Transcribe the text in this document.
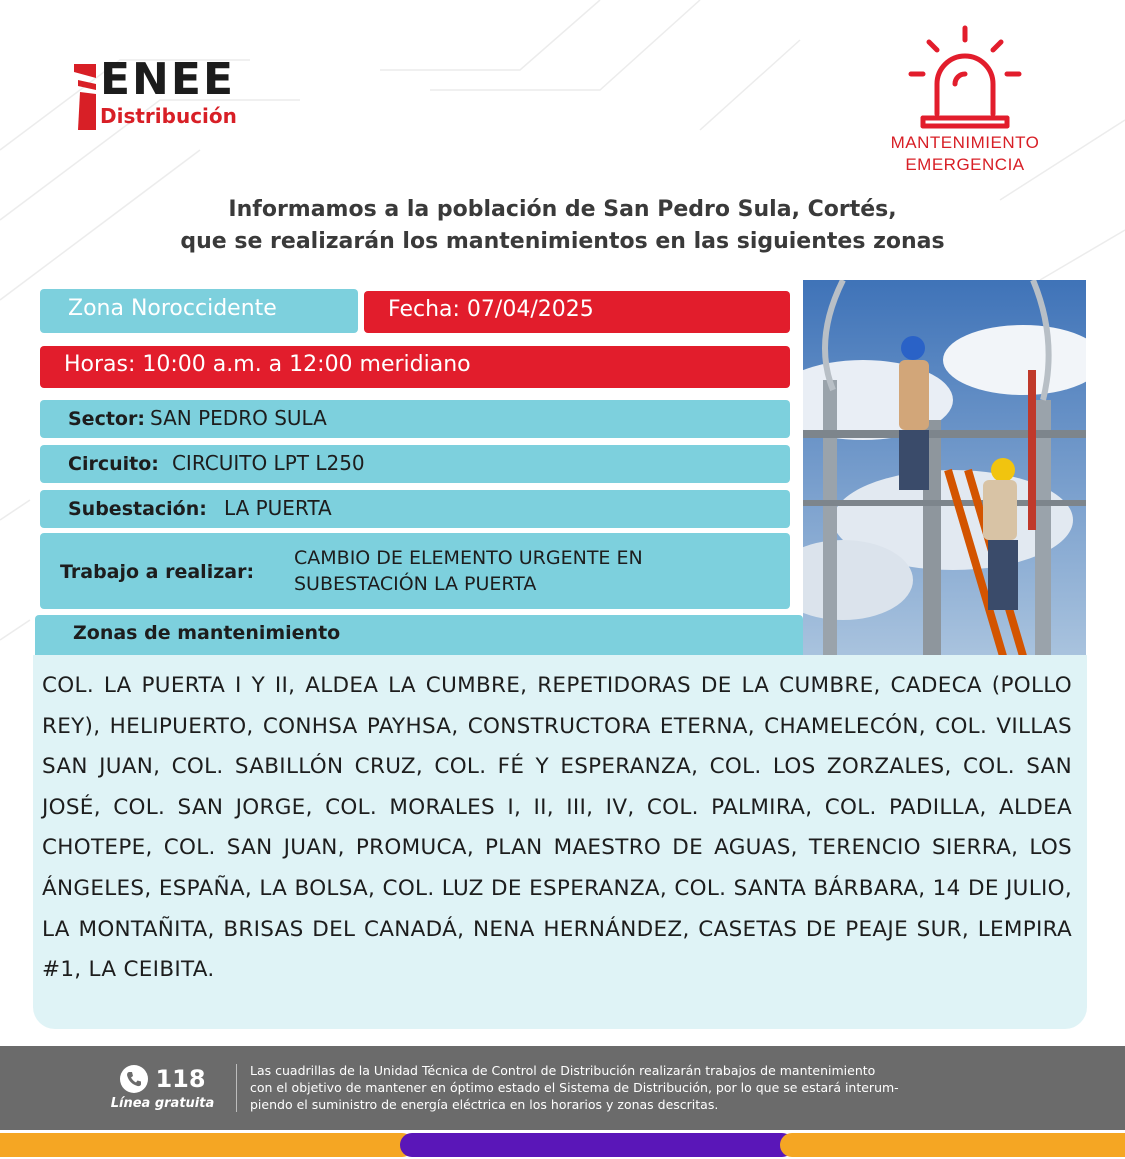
ENEE
Distribución
MANTENIMIENTO
EMERGENCIA
Informamos a la población de San Pedro Sula, Cortés,
que se realizarán los mantenimientos en las siguientes zonas
Zona Noroccidente	Fecha: 07/04/2025
Horas: 10:00 a.m. a 12:00 meridiano
Sector: SAN PEDRO SULA
Circuito: CIRCUITO LPT L250
Subestación: LA PUERTA
Trabajo a realizar:
CAMBIO DE ELEMENTO URGENTE EN
SUBESTACIÓN LA PUERTA
Zonas de mantenimiento
COL. LA PUERTA I Y II, ALDEA LA CUMBRE, REPETIDORAS DE LA CUMBRE, CADECA (POLLO REY), HELIPUERTO, CONHSA PAYHSA, CONSTRUCTORA ETERNA, CHAMELECÓN, COL. VILLAS SAN JUAN, COL. SABILLÓN CRUZ, COL. FÉ Y ESPERANZA, COL. LOS ZORZALES, COL. SAN JOSÉ, COL. SAN JORGE, COL. MORALES I, II, III, IV, COL. PALMIRA, COL. PADILLA, ALDEA CHOTEPE, COL. SAN JUAN, PROMUCA, PLAN MAESTRO DE AGUAS, TERENCIO SIERRA, LOS ÁNGELES, ESPAÑA, LA BOLSA, COL. LUZ DE ESPERANZA, COL. SANTA BÁRBARA, 14 DE JULIO, LA MONTAÑITA, BRISAS DEL CANADÁ, NENA HERNÁNDEZ, CASETAS DE PEAJE SUR, LEMPIRA #1, LA CEIBITA.
118
Línea gratuita
Las cuadrillas de la Unidad Técnica de Control de Distribución realizarán trabajos de mantenimiento
con el objetivo de mantener en óptimo estado el Sistema de Distribución, por lo que se estará interum-
piendo el suministro de energía eléctrica en los horarios y zonas descritas.
